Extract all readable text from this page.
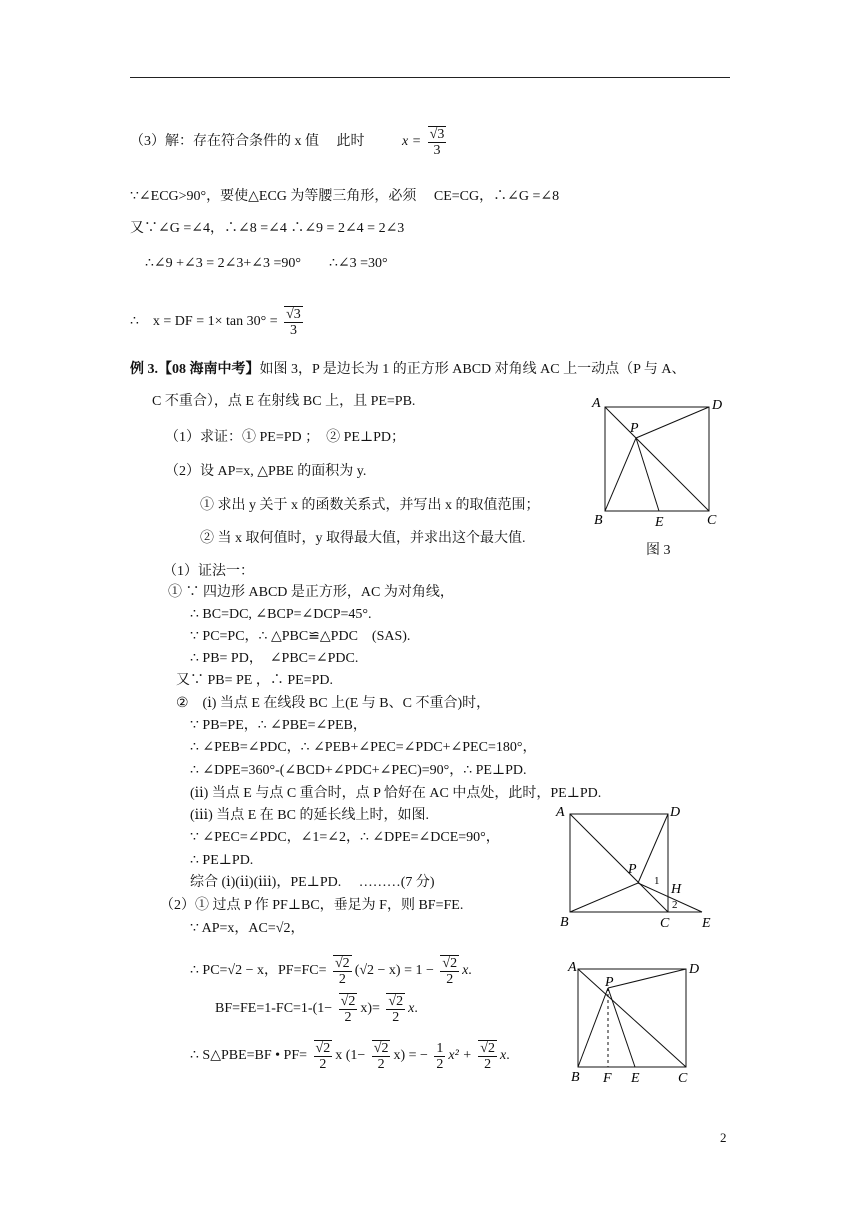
（3）解：存在符合条件的 x 值　 此时	$x = \frac{√3}{3}$
∵∠ECG>90°，要使△ECG 为等腰三角形，必须　 CE=CG，∴∠G =∠8
又∵∠G =∠4，∴∠8 =∠4 ∴∠9 = 2∠4 = 2∠3
∴∠9 +∠3 = 2∠3+∠3 =90°　　∴∠3 =30°
∴　x = DF = $1\times \tan 30^\circ = \frac{√3}{3}$
例 3.【08 海南中考】如图 3，P 是边长为 1 的正方形 ABCD 对角线 AC 上一动点（P 与 A、
C 不重合），点 E 在射线 BC 上，且 PE=PB.
（1）求证：① PE=PD ；　② PE⊥PD；
（2）设 AP=x, △PBE 的面积为 y.
① 求出 y 关于 x 的函数关系式，并写出 x 的取值范围；
② 当 x 取何值时，y 取得最大值，并求出这个最大值.
A	D
P
B	E	C
图 3
（1）证法一：
① ∵ 四边形 ABCD 是正方形，AC 为对角线，
∴ BC=DC, ∠BCP=∠DCP=45°.
∵ PC=PC，∴ △PBC≌△PDC　(SAS).
∴ PB= PD，　∠PBC=∠PDC.
又∵ PB= PE ，∴ PE=PD.
②　(ⅰ) 当点 E 在线段 BC 上(E 与 B、C 不重合)时，
∵ PB=PE，∴ ∠PBE=∠PEB，
∴ ∠PEB=∠PDC，∴ ∠PEB+∠PEC=∠PDC+∠PEC=180°，
∴ ∠DPE=360°-(∠BCD+∠PDC+∠PEC)=90°，∴ PE⊥PD.
(ⅱ) 当点 E 与点 C 重合时，点 P 恰好在 AC 中点处，此时，PE⊥PD.
(ⅲ) 当点 E 在 BC 的延长线上时，如图.
∵ ∠PEC=∠PDC，∠1=∠2，∴ ∠DPE=∠DCE=90°，
∴ PE⊥PD.
综合 (ⅰ)(ⅱ)(ⅲ)，PE⊥PD.　 ………(7 分)
（2）① 过点 P 作 PF⊥BC，垂足为 F，则 BF=FE.
∵ AP=x，AC=√2，
∴ PC=√2 − x，$PF=FC= \frac{√2}{2} (√2 - x) = 1 - \frac{√2}{2} x$.
$BF=FE=1-FC=1-(1- \frac{√2}{2} x)= \frac{√2}{2} x$.
∴ S△PBE=BF • $PF= \frac{√2}{2}$ x $(1- \frac{√2}{2} x)$ = − $\frac{1}{2} x^2 + \frac{√2}{2} x$.
A	D
P
1
H
2
B	C E
A	D
P
B F E	C
2
